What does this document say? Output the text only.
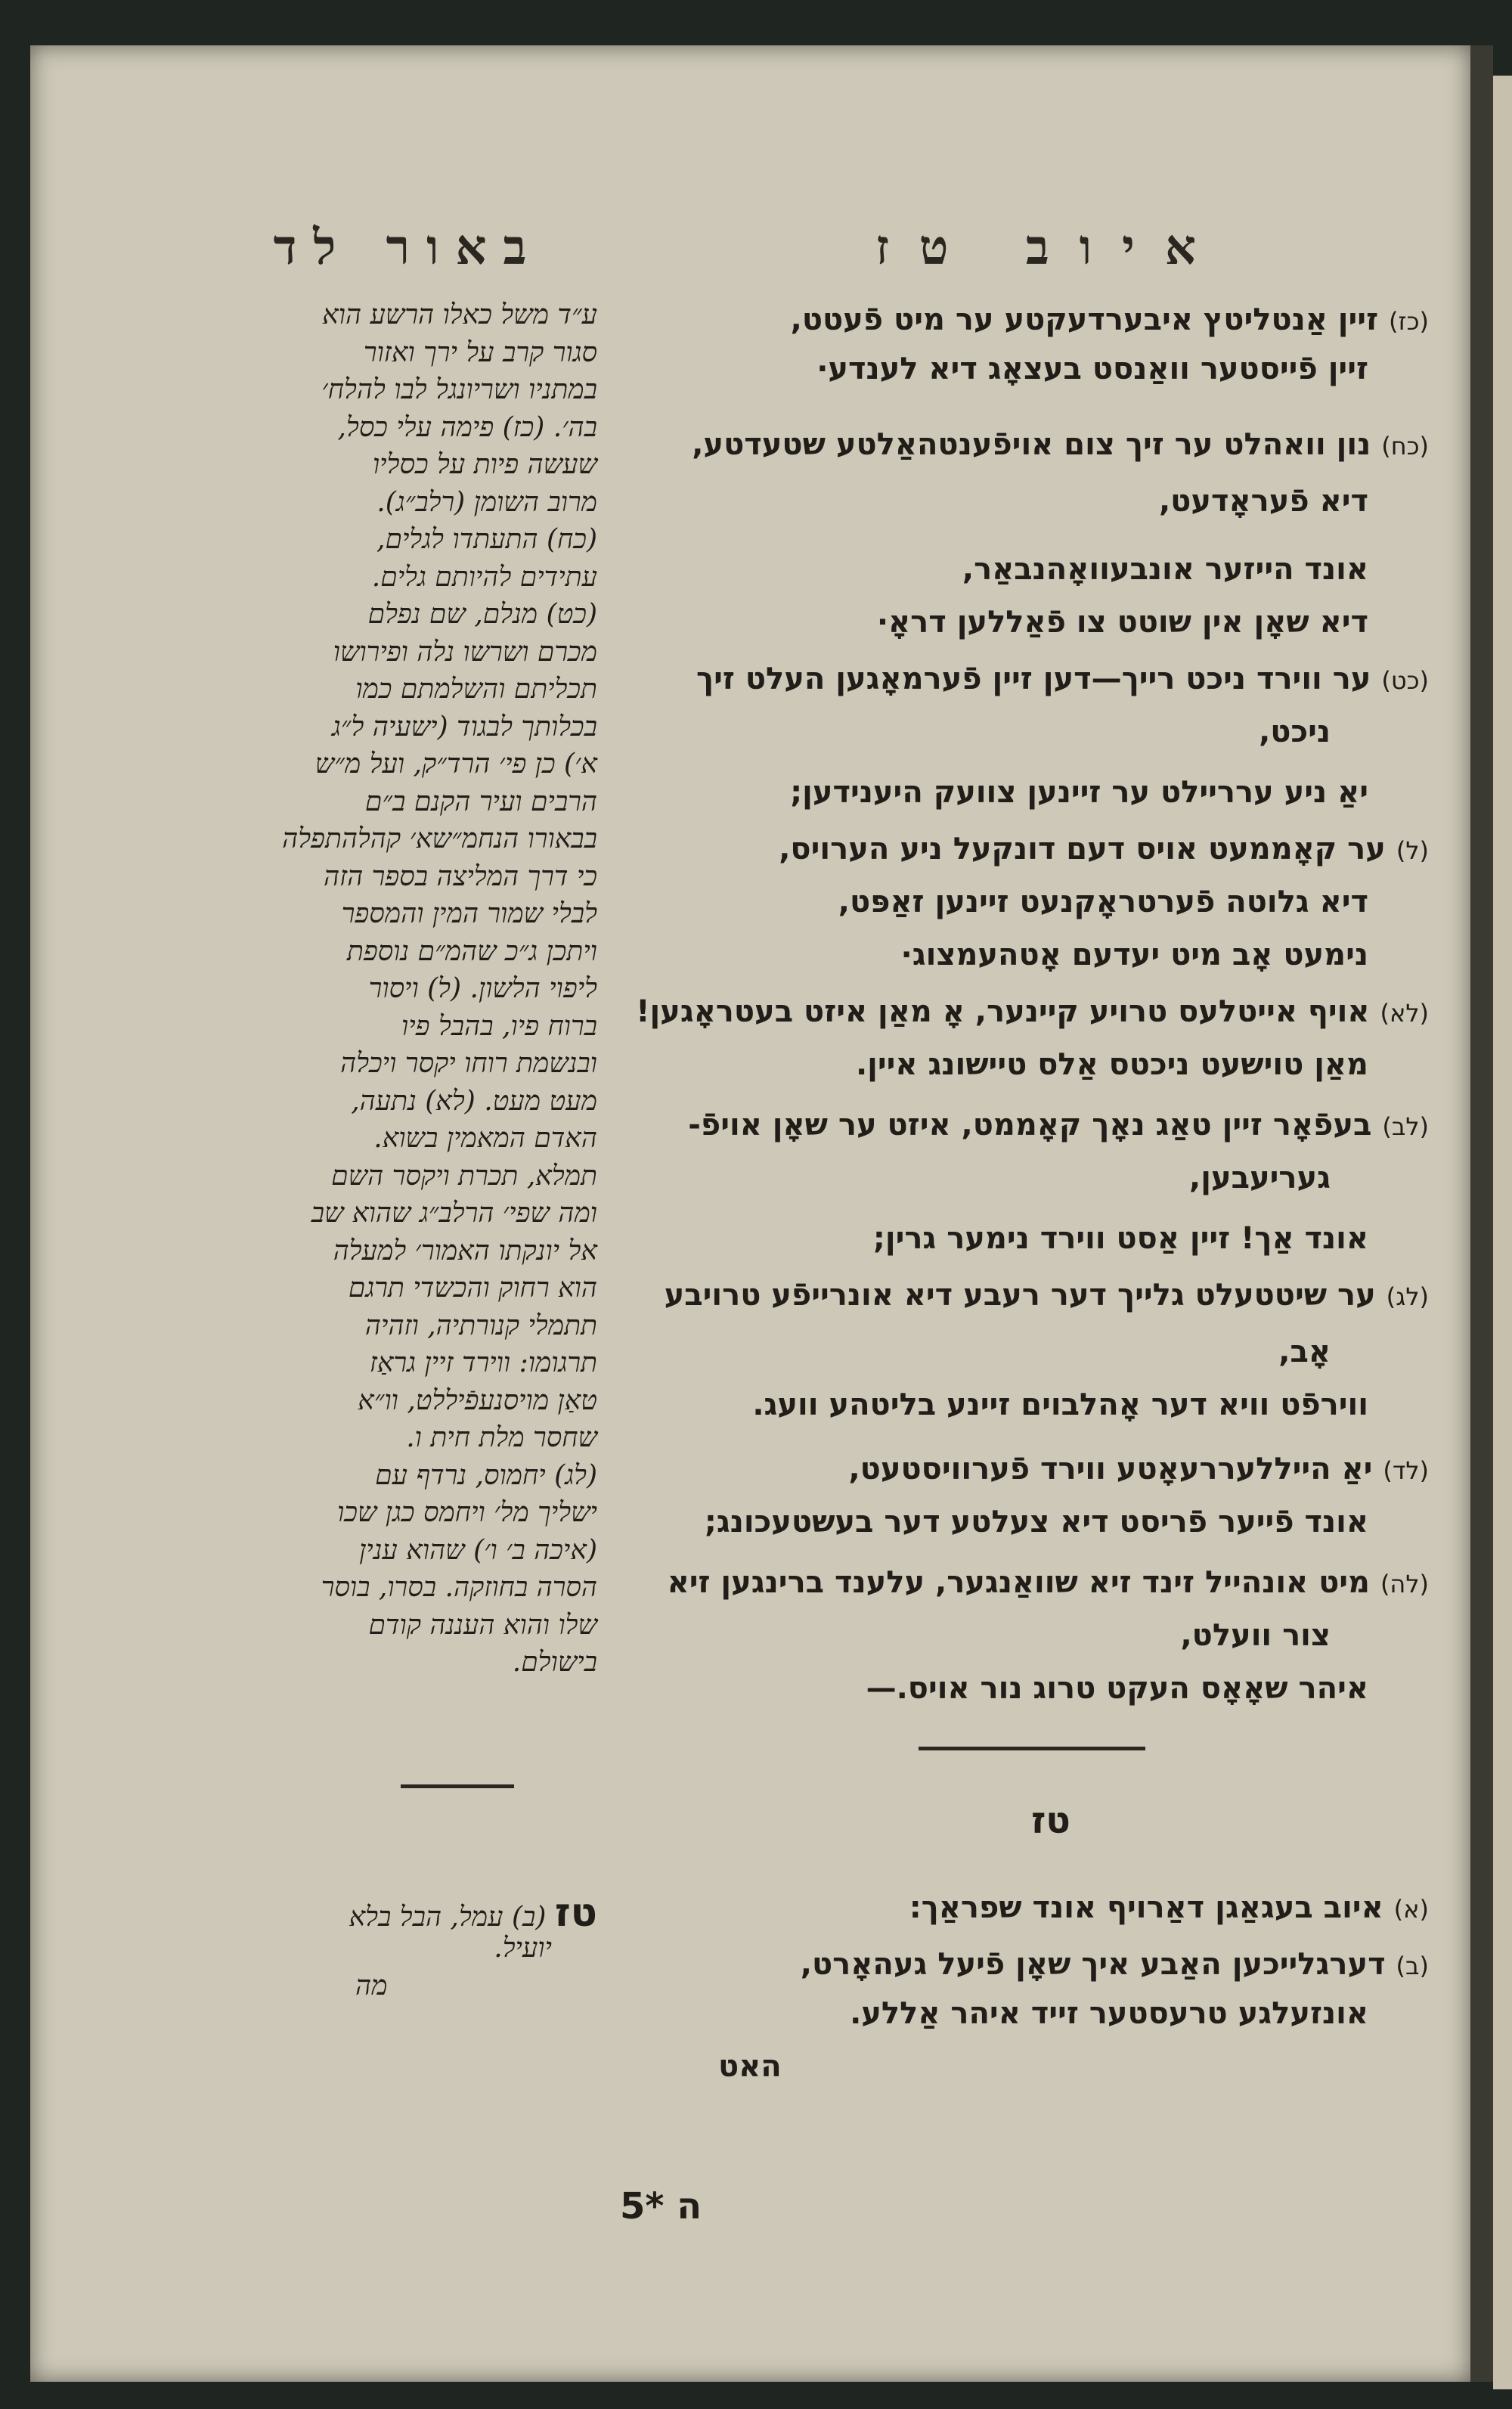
איוב טז
באור לד
(כז) זיין אַנטליטץ איבערדעקטע ער מיט פֿעטט,
זיין פֿייסטער וואַנסט בעצאָג דיא לענדע·
(כח) נון וואהלט ער זיך צום אויפֿענטהאַלטע שטעדטע,
דיא פֿעראָדעט,
אונד הייזער אונבעוואָהנבאַר,
דיא שאָן אין שוטט צו פֿאַללען דראָ·
(כט) ער ווירד ניכט רייך—דען זיין פֿערמאָגען העלט זיך
ניכט,
יאַ ניע ערריילט ער זיינען צוועק היענידען;
(ל) ער קאָממעט אויס דעם דונקעל ניע הערויס,
דיא גלוטה פֿערטראָקנעט זיינען זאַפּט,
נימעט אָב מיט יעדעם אָטהעמצוג·
(לא) אויף אייטלעס טרויע קיינער, אָ מאַן איזט בעטראָגען!
מאַן טוישעט ניכטס אַלס טיישונג איין.
(לב) בעפֿאָר זיין טאַג נאָך קאָממט, איזט ער שאָן אויפֿ-
געריעבען,
אונד אַך! זיין אַסט ווירד נימער גרין;
(לג) ער שיטטעלט גלייך דער רעבע דיא אונרייפֿע טרויבע
אָב,
ווירפֿט וויא דער אָהלבוים זיינע בליטהע וועג.
(לד) יאַ הייללעררעאָטע ווירד פֿערוויסטעט,
אונד פֿייער פֿריסט דיא צעלטע דער בעשטעכונג;
(לה) מיט אונהייל זינד זיא שוואַנגער, עלענד ברינגען זיא
צור וועלט,
איהר שאָאָס העקט טרוג נור אויס.—
ע״ד משל כאלו הרשע הוא
סגור קרב על ירך ואזור
במתניו ושריונגל לבו להלח׳
בה׳. (כז) פימה עלי כסל,
שעשה פיות על כסליו
מרוב השומן (רלב״ג).
(כח) התעתדו לגלים,
עתידים להיותם גלים.
(כט) מנלם, שם נפלם
מכרם ושרשו נלה ופירושו
תכליתם והשלמתם כמו
בכלותך לבגוד (ישעיה ל״ג
א׳) כן פי׳ הרד״ק, ועל מ״ש
הרבים ועיר הקנם ב״ם
בבאורו הנחמ״שא׳ קהלהתפלה
כי דרך המליצה בספר הזה
לבלי שמור המין והמספר
ויתכן ג״כ שהמ״ם נוספת
ליפוי הלשון. (ל) ויסור
ברוח פיו, בהבל פיו
ובנשמת רוחו יקסר ויכלה
מעט מעט. (לא) נתעה,
האדם המאמין בשוא.
תמלא, תכרת ויקסר השם
ומה שפי׳ הרלב״ג שהוא שב
אל יונקתו האמור׳ למעלה
הוא רחוק והכשדי תרגם
תתמלי קנורתיה, וזהיה
תרגומו: ווירד זיין גראַז
טאַן מויסנעפֿיללט, וו״א
שחסר מלת חית ו.
(לג) יחמוס, נרדף עם
ישליך מל׳ ויחמס כגן שכו
(איכה ב׳ ו׳) שהוא ענין
הסרה בחוזקה. בסרו, בוסר
שלו והוא העננה קודם
בישולם.
טז
(א) איוב בעגאַגן דאַרויף אונד שפראַך:
(ב) דערגלייכען האַבע איך שאָן פֿיעל געהאָרט,
אונזעלגע טרעסטער זייד איהר אַללע.
טז (ב) עמל, הבל בלא
יועיל.
מה
האט
ה *5
